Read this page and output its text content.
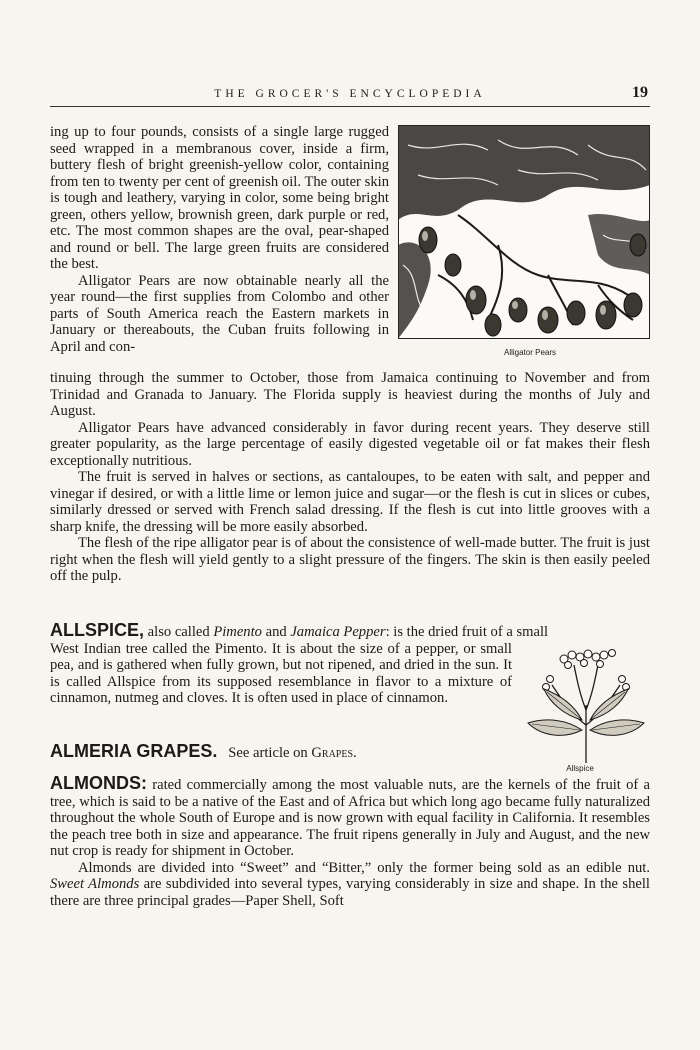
THE GROCER'S ENCYCLOPEDIA	19

ing up to four pounds, consists of a single large rugged seed wrapped in a membranous cover, inside a firm, buttery flesh of bright greenish-yellow color, containing from ten to twenty per cent of greenish oil. The outer skin is tough and leathery, varying in color, some being bright green, others yellow, brownish green, dark purple or red, etc. The most common shapes are the oval, pear-shaped and round or bell. The large green fruits are considered the best.

Alligator Pears are now obtainable nearly all the year round—the first supplies from Colombo and other parts of South America reach the Eastern markets in January or thereabouts, the Cuban fruits following in April and con-	Alligator Pears

tinuing through the summer to October, those from Jamaica continuing to November and from Trinidad and Granada to January. The Florida supply is heaviest during the months of July and August.

Alligator Pears have advanced considerably in favor during recent years. They deserve still greater popularity, as the large percentage of easily digested vegetable oil or fat makes their flesh exceptionally nutritious.

The fruit is served in halves or sections, as cantaloupes, to be eaten with salt, and pepper and vinegar if desired, or with a little lime or lemon juice and sugar—or the flesh is cut in slices or cubes, similarly dressed or served with French salad dressing. If the flesh is cut into little grooves with a sharp knife, the dressing will be more easily absorbed.

The flesh of the ripe alligator pear is of about the consistence of well-made butter. The fruit is just right when the flesh will yield gently to a slight pressure of the fingers. The skin is then easily peeled off the pulp.

ALLSPICE, also called Pimento and Jamaica Pepper: is the dried fruit of a small

West Indian tree called the Pimento. It is about the size of a pepper, or small pea, and is gathered when fully grown, but not ripened, and dried in the sun. It is called Allspice from its supposed resemblance in flavor to a mixture of cinnamon, nutmeg and cloves. It is often used in place of cinnamon.

Allspice
ALMERIA GRAPES. See article on Grapes.

ALMONDS: rated commercially among the most valuable nuts, are the kernels of the fruit of a tree, which is said to be a native of the East and of Africa but which long ago became fully naturalized throughout the whole South of Europe and is now grown with equal facility in California. It resembles the peach tree both in size and appearance. The fruit ripens generally in July and August, and the new nut crop is ready for shipment in October.

Almonds are divided into “Sweet” and “Bitter,” only the former being sold as an edible nut. Sweet Almonds are subdivided into several types, varying considerably in size and shape. In the shell there are three principal grades—Paper Shell, Soft
